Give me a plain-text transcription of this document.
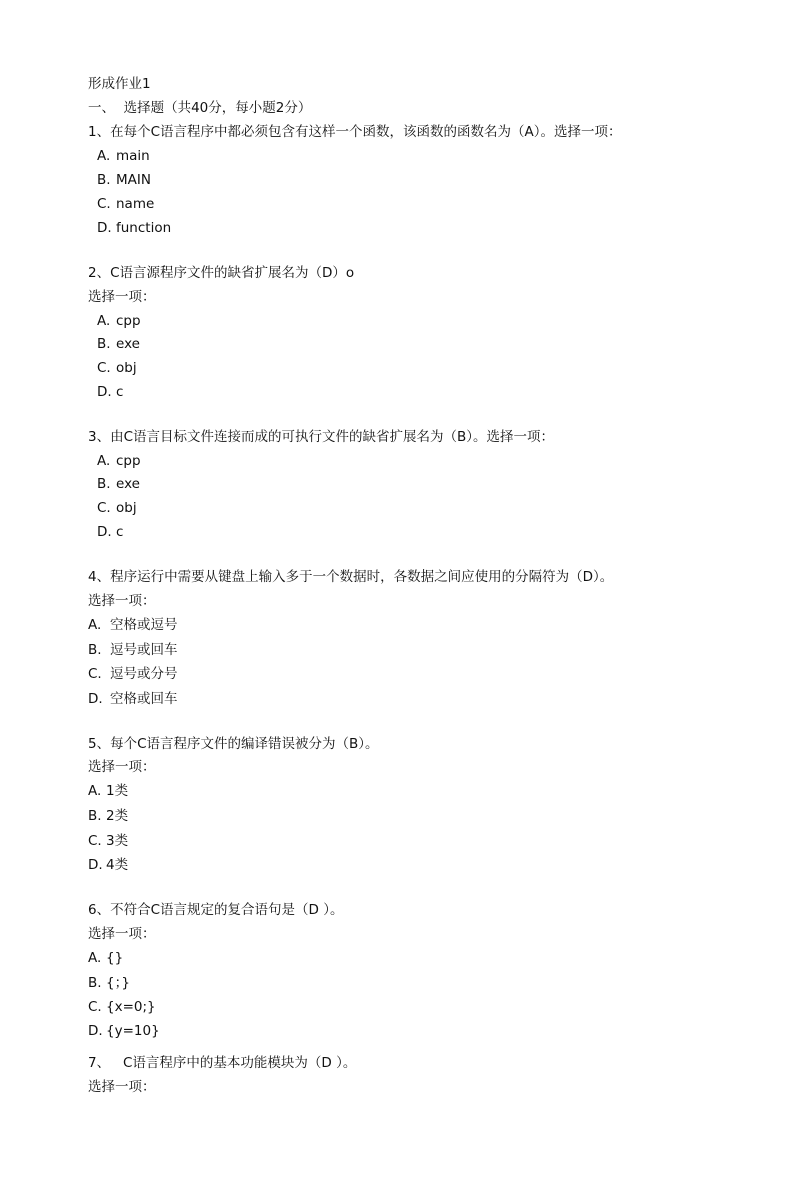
形成作业1
一、  选择题（共40分，每小题2分）
1、在每个C语言程序中都必须包含有这样一个函数，该函数的函数名为（A）。选择一项：
A. main
B. MAIN
C. name
D. function
2、C语言源程序文件的缺省扩展名为（D）o
选择一项：
A. cpp
B. exe
C. obj
D. c
3、由C语言目标文件连接而成的可执行文件的缺省扩展名为（B）。选择一项：
A. cpp
B. exe
C. obj
D. c
4、程序运行中需要从键盘上输入多于一个数据时，各数据之间应使用的分隔符为（D）。
选择一项：
A. 空格或逗号
B. 逗号或回车
C. 逗号或分号
D. 空格或回车
5、每个C语言程序文件的编译错误被分为（B）。
选择一项：
A. 1类
B. 2类
C. 3类
D. 4类
6、不符合C语言规定的复合语句是（D ）。
选择一项：
A. {}
B. {；}
C. {x=0;}
D. {y=10}
7、   C语言程序中的基本功能模块为（D ）。
选择一项：
